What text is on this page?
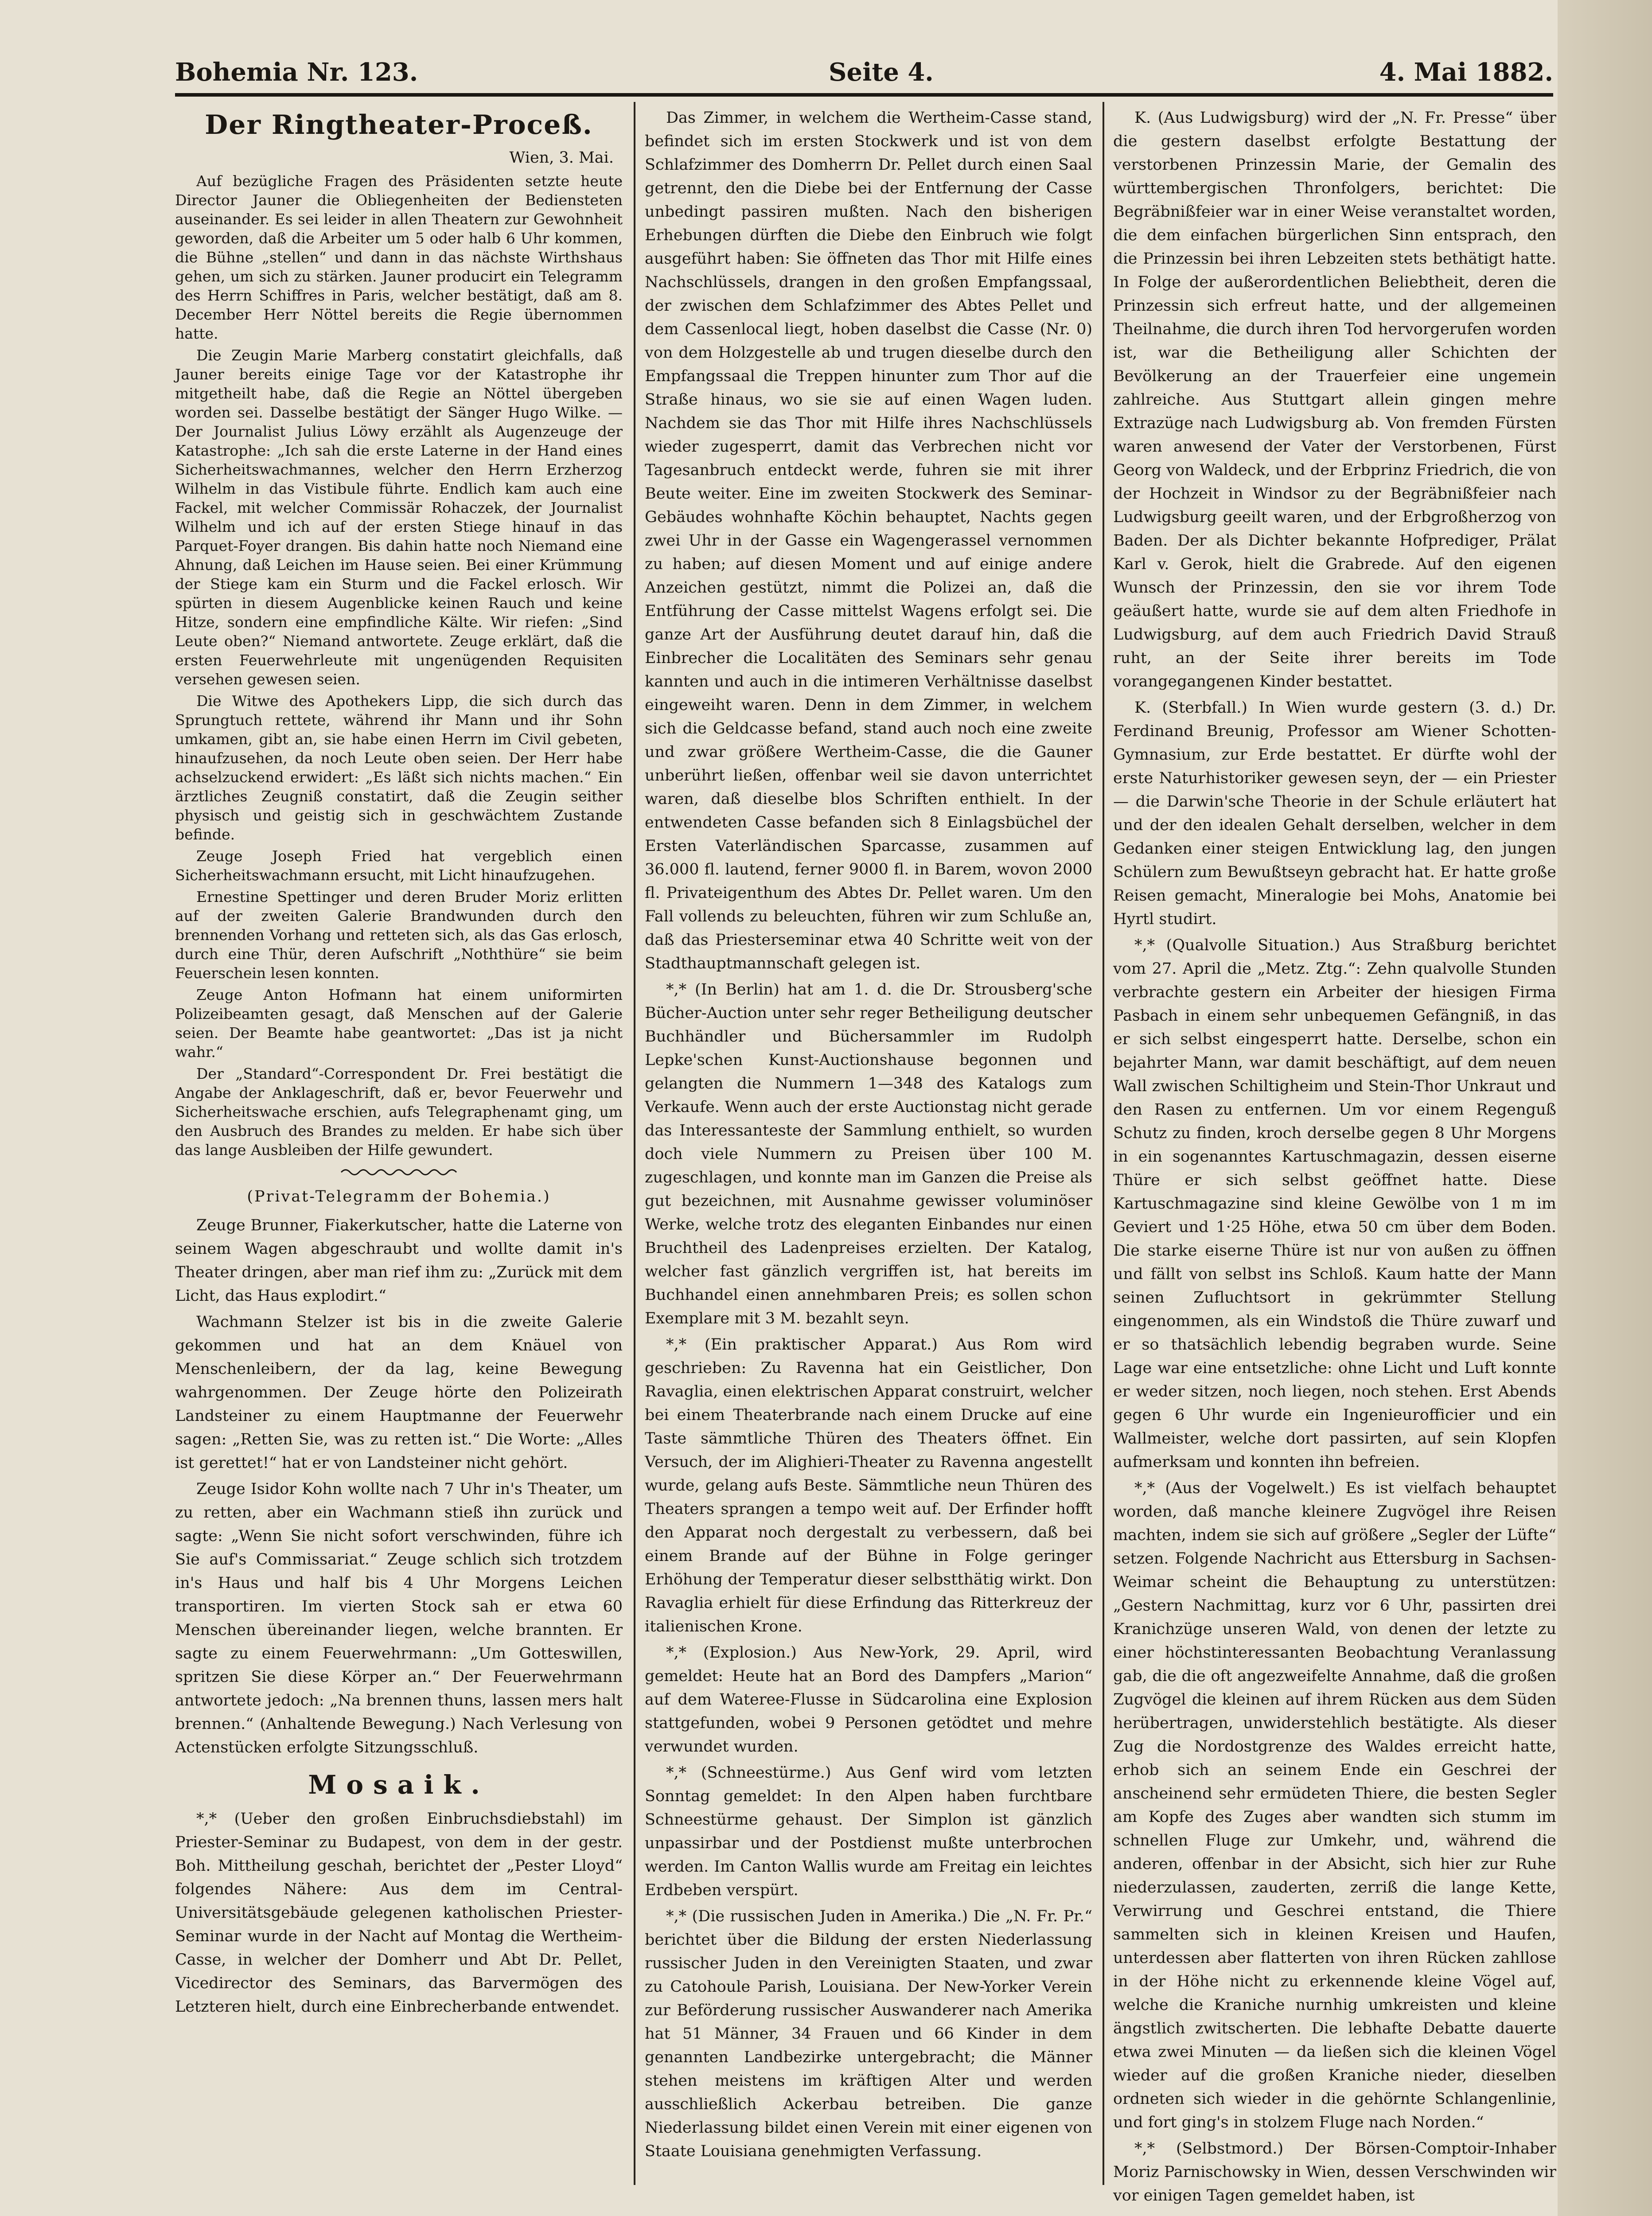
Bohemia Nr. 123.	Seite 4.	4. Mai 1882.
Der Ringtheater-Proceß.
Wien, 3. Mai.

Auf bezügliche Fragen des Präsidenten setzte heute Director Jauner die Obliegenheiten der Bediensteten auseinander. Es sei leider in allen Theatern zur Gewohnheit geworden, daß die Arbeiter um 5 oder halb 6 Uhr kommen, die Bühne „stellen“ und dann in das nächste Wirthshaus gehen, um sich zu stärken. Jauner producirt ein Telegramm des Herrn Schiffres in Paris, welcher bestätigt, daß am 8. December Herr Nöttel bereits die Regie übernommen hatte.

Die Zeugin Marie Marberg constatirt gleichfalls, daß Jauner bereits einige Tage vor der Katastrophe ihr mitgetheilt habe, daß die Regie an Nöttel übergeben worden sei. Dasselbe bestätigt der Sänger Hugo Wilke. — Der Journalist Julius Löwy erzählt als Augenzeuge der Katastrophe: „Ich sah die erste Laterne in der Hand eines Sicherheitswachmannes, welcher den Herrn Erzherzog Wilhelm in das Vistibule führte. Endlich kam auch eine Fackel, mit welcher Commissär Rohaczek, der Journalist Wilhelm und ich auf der ersten Stiege hinauf in das Parquet-Foyer drangen. Bis dahin hatte noch Niemand eine Ahnung, daß Leichen im Hause seien. Bei einer Krümmung der Stiege kam ein Sturm und die Fackel erlosch. Wir spürten in diesem Augenblicke keinen Rauch und keine Hitze, sondern eine empfindliche Kälte. Wir riefen: „Sind Leute oben?“ Niemand antwortete. Zeuge erklärt, daß die ersten Feuerwehrleute mit ungenügenden Requisiten versehen gewesen seien.

Die Witwe des Apothekers Lipp, die sich durch das Sprungtuch rettete, während ihr Mann und ihr Sohn umkamen, gibt an, sie habe einen Herrn im Civil gebeten, hinaufzusehen, da noch Leute oben seien. Der Herr habe achselzuckend erwidert: „Es läßt sich nichts machen.“ Ein ärztliches Zeugniß constatirt, daß die Zeugin seither physisch und geistig sich in geschwächtem Zustande befinde.

Zeuge Joseph Fried hat vergeblich einen Sicherheitswachmann ersucht, mit Licht hinaufzugehen.

Ernestine Spettinger und deren Bruder Moriz erlitten auf der zweiten Galerie Brandwunden durch den brennenden Vorhang und retteten sich, als das Gas erlosch, durch eine Thür, deren Aufschrift „Noththüre“ sie beim Feuerschein lesen konnten.

Zeuge Anton Hofmann hat einem uniformirten Polizeibeamten gesagt, daß Menschen auf der Galerie seien. Der Beamte habe geantwortet: „Das ist ja nicht wahr.“

Der „Standard“-Correspondent Dr. Frei bestätigt die Angabe der Anklageschrift, daß er, bevor Feuerwehr und Sicherheitswache erschien, aufs Telegraphenamt ging, um den Ausbruch des Brandes zu melden. Er habe sich über das lange Ausbleiben der Hilfe gewundert.

(Privat-Telegramm der Bohemia.)

Zeuge Brunner, Fiakerkutscher, hatte die Laterne von seinem Wagen abgeschraubt und wollte damit in's Theater dringen, aber man rief ihm zu: „Zurück mit dem Licht, das Haus explodirt.“

Wachmann Stelzer ist bis in die zweite Galerie gekommen und hat an dem Knäuel von Menschenleibern, der da lag, keine Bewegung wahrgenommen. Der Zeuge hörte den Polizeirath Landsteiner zu einem Hauptmanne der Feuerwehr sagen: „Retten Sie, was zu retten ist.“ Die Worte: „Alles ist gerettet!“ hat er von Landsteiner nicht gehört.

Zeuge Isidor Kohn wollte nach 7 Uhr in's Theater, um zu retten, aber ein Wachmann stieß ihn zurück und sagte: „Wenn Sie nicht sofort verschwinden, führe ich Sie auf's Commissariat.“ Zeuge schlich sich trotzdem in's Haus und half bis 4 Uhr Morgens Leichen transportiren. Im vierten Stock sah er etwa 60 Menschen übereinander liegen, welche brannten. Er sagte zu einem Feuerwehrmann: „Um Gotteswillen, spritzen Sie diese Körper an.“ Der Feuerwehrmann antwortete jedoch: „Na brennen thuns, lassen mers halt brennen.“ (Anhaltende Bewegung.) Nach Verlesung von Actenstücken erfolgte Sitzungsschluß.

Mosaik.

*,* (Ueber den großen Einbruchsdiebstahl) im Priester-Seminar zu Budapest, von dem in der gestr. Boh. Mittheilung geschah, berichtet der „Pester Lloyd“ folgendes Nähere: Aus dem im Central-Universitätsgebäude gelegenen katholischen Priester-Seminar wurde in der Nacht auf Montag die Wertheim-Casse, in welcher der Domherr und Abt Dr. Pellet, Vicedirector des Seminars, das Barvermögen des Letzteren hielt, durch eine Einbrecherbande entwendet.

Das Zimmer, in welchem die Wertheim-Casse stand, befindet sich im ersten Stockwerk und ist von dem Schlafzimmer des Domherrn Dr. Pellet durch einen Saal getrennt, den die Diebe bei der Entfernung der Casse unbedingt passiren mußten. Nach den bisherigen Erhebungen dürften die Diebe den Einbruch wie folgt ausgeführt haben: Sie öffneten das Thor mit Hilfe eines Nachschlüssels, drangen in den großen Empfangssaal, der zwischen dem Schlafzimmer des Abtes Pellet und dem Cassenlocal liegt, hoben daselbst die Casse (Nr. 0) von dem Holzgestelle ab und trugen dieselbe durch den Empfangssaal die Treppen hinunter zum Thor auf die Straße hinaus, wo sie sie auf einen Wagen luden. Nachdem sie das Thor mit Hilfe ihres Nachschlüssels wieder zugesperrt, damit das Verbrechen nicht vor Tagesanbruch entdeckt werde, fuhren sie mit ihrer Beute weiter. Eine im zweiten Stockwerk des Seminar-Gebäudes wohnhafte Köchin behauptet, Nachts gegen zwei Uhr in der Gasse ein Wagengerassel vernommen zu haben; auf diesen Moment und auf einige andere Anzeichen gestützt, nimmt die Polizei an, daß die Entführung der Casse mittelst Wagens erfolgt sei. Die ganze Art der Ausführung deutet darauf hin, daß die Einbrecher die Localitäten des Seminars sehr genau kannten und auch in die intimeren Verhältnisse daselbst eingeweiht waren. Denn in dem Zimmer, in welchem sich die Geldcasse befand, stand auch noch eine zweite und zwar größere Wertheim-Casse, die die Gauner unberührt ließen, offenbar weil sie davon unterrichtet waren, daß dieselbe blos Schriften enthielt. In der entwendeten Casse befanden sich 8 Einlagsbüchel der Ersten Vaterländischen Sparcasse, zusammen auf 36.000 fl. lautend, ferner 9000 fl. in Barem, wovon 2000 fl. Privateigenthum des Abtes Dr. Pellet waren. Um den Fall vollends zu beleuchten, führen wir zum Schluße an, daß das Priesterseminar etwa 40 Schritte weit von der Stadthauptmannschaft gelegen ist.

*,* (In Berlin) hat am 1. d. die Dr. Strousberg'sche Bücher-Auction unter sehr reger Betheiligung deutscher Buchhändler und Büchersammler im Rudolph Lepke'schen Kunst-Auctionshause begonnen und gelangten die Nummern 1—348 des Katalogs zum Verkaufe. Wenn auch der erste Auctionstag nicht gerade das Interessanteste der Sammlung enthielt, so wurden doch viele Nummern zu Preisen über 100 M. zugeschlagen, und konnte man im Ganzen die Preise als gut bezeichnen, mit Ausnahme gewisser voluminöser Werke, welche trotz des eleganten Einbandes nur einen Bruchtheil des Ladenpreises erzielten. Der Katalog, welcher fast gänzlich vergriffen ist, hat bereits im Buchhandel einen annehmbaren Preis; es sollen schon Exemplare mit 3 M. bezahlt seyn.

*,* (Ein praktischer Apparat.) Aus Rom wird geschrieben: Zu Ravenna hat ein Geistlicher, Don Ravaglia, einen elektrischen Apparat construirt, welcher bei einem Theaterbrande nach einem Drucke auf eine Taste sämmtliche Thüren des Theaters öffnet. Ein Versuch, der im Alighieri-Theater zu Ravenna angestellt wurde, gelang aufs Beste. Sämmtliche neun Thüren des Theaters sprangen a tempo weit auf. Der Erfinder hofft den Apparat noch dergestalt zu verbessern, daß bei einem Brande auf der Bühne in Folge geringer Erhöhung der Temperatur dieser selbstthätig wirkt. Don Ravaglia erhielt für diese Erfindung das Ritterkreuz der italienischen Krone.

*,* (Explosion.) Aus New-York, 29. April, wird gemeldet: Heute hat an Bord des Dampfers „Marion“ auf dem Wateree-Flusse in Südcarolina eine Explosion stattgefunden, wobei 9 Personen getödtet und mehre verwundet wurden.

*,* (Schneestürme.) Aus Genf wird vom letzten Sonntag gemeldet: In den Alpen haben furchtbare Schneestürme gehaust. Der Simplon ist gänzlich unpassirbar und der Postdienst mußte unterbrochen werden. Im Canton Wallis wurde am Freitag ein leichtes Erdbeben verspürt.

*,* (Die russischen Juden in Amerika.) Die „N. Fr. Pr.“ berichtet über die Bildung der ersten Niederlassung russischer Juden in den Vereinigten Staaten, und zwar zu Catohoule Parish, Louisiana. Der New-Yorker Verein zur Beförderung russischer Auswanderer nach Amerika hat 51 Männer, 34 Frauen und 66 Kinder in dem genannten Landbezirke untergebracht; die Männer stehen meistens im kräftigen Alter und werden ausschließlich Ackerbau betreiben. Die ganze Niederlassung bildet einen Verein mit einer eigenen von Staate Louisiana genehmigten Verfassung.

K. (Aus Ludwigsburg) wird der „N. Fr. Presse“ über die gestern daselbst erfolgte Bestattung der verstorbenen Prinzessin Marie, der Gemalin des württembergischen Thronfolgers, berichtet: Die Begräbnißfeier war in einer Weise veranstaltet worden, die dem einfachen bürgerlichen Sinn entsprach, den die Prinzessin bei ihren Lebzeiten stets bethätigt hatte. In Folge der außerordentlichen Beliebtheit, deren die Prinzessin sich erfreut hatte, und der allgemeinen Theilnahme, die durch ihren Tod hervorgerufen worden ist, war die Betheiligung aller Schichten der Bevölkerung an der Trauerfeier eine ungemein zahlreiche. Aus Stuttgart allein gingen mehre Extrazüge nach Ludwigsburg ab. Von fremden Fürsten waren anwesend der Vater der Verstorbenen, Fürst Georg von Waldeck, und der Erbprinz Friedrich, die von der Hochzeit in Windsor zu der Begräbnißfeier nach Ludwigsburg geeilt waren, und der Erbgroßherzog von Baden. Der als Dichter bekannte Hofprediger, Prälat Karl v. Gerok, hielt die Grabrede. Auf den eigenen Wunsch der Prinzessin, den sie vor ihrem Tode geäußert hatte, wurde sie auf dem alten Friedhofe in Ludwigsburg, auf dem auch Friedrich David Strauß ruht, an der Seite ihrer bereits im Tode vorangegangenen Kinder bestattet.

K. (Sterbfall.) In Wien wurde gestern (3. d.) Dr. Ferdinand Breunig, Professor am Wiener Schotten-Gymnasium, zur Erde bestattet. Er dürfte wohl der erste Naturhistoriker gewesen seyn, der — ein Priester — die Darwin'sche Theorie in der Schule erläutert hat und der den idealen Gehalt derselben, welcher in dem Gedanken einer steigen Entwicklung lag, den jungen Schülern zum Bewußtseyn gebracht hat. Er hatte große Reisen gemacht, Mineralogie bei Mohs, Anatomie bei Hyrtl studirt.

*,* (Qualvolle Situation.) Aus Straßburg berichtet vom 27. April die „Metz. Ztg.“: Zehn qualvolle Stunden verbrachte gestern ein Arbeiter der hiesigen Firma Pasbach in einem sehr unbequemen Gefängniß, in das er sich selbst eingesperrt hatte. Derselbe, schon ein bejahrter Mann, war damit beschäftigt, auf dem neuen Wall zwischen Schiltigheim und Stein-Thor Unkraut und den Rasen zu entfernen. Um vor einem Regenguß Schutz zu finden, kroch derselbe gegen 8 Uhr Morgens in ein sogenanntes Kartuschmagazin, dessen eiserne Thüre er sich selbst geöffnet hatte. Diese Kartuschmagazine sind kleine Gewölbe von 1 m im Geviert und 1·25 Höhe, etwa 50 cm über dem Boden. Die starke eiserne Thüre ist nur von außen zu öffnen und fällt von selbst ins Schloß. Kaum hatte der Mann seinen Zufluchtsort in gekrümmter Stellung eingenommen, als ein Windstoß die Thüre zuwarf und er so thatsächlich lebendig begraben wurde. Seine Lage war eine entsetzliche: ohne Licht und Luft konnte er weder sitzen, noch liegen, noch stehen. Erst Abends gegen 6 Uhr wurde ein Ingenieurofficier und ein Wallmeister, welche dort passirten, auf sein Klopfen aufmerksam und konnten ihn befreien.

*,* (Aus der Vogelwelt.) Es ist vielfach behauptet worden, daß manche kleinere Zugvögel ihre Reisen machten, indem sie sich auf größere „Segler der Lüfte“ setzen. Folgende Nachricht aus Ettersburg in Sachsen-Weimar scheint die Behauptung zu unterstützen: „Gestern Nachmittag, kurz vor 6 Uhr, passirten drei Kranichzüge unseren Wald, von denen der letzte zu einer höchstinteressanten Beobachtung Veranlassung gab, die die oft angezweifelte Annahme, daß die großen Zugvögel die kleinen auf ihrem Rücken aus dem Süden herübertragen, unwiderstehlich bestätigte. Als dieser Zug die Nordostgrenze des Waldes erreicht hatte, erhob sich an seinem Ende ein Geschrei der anscheinend sehr ermüdeten Thiere, die besten Segler am Kopfe des Zuges aber wandten sich stumm im schnellen Fluge zur Umkehr, und, während die anderen, offenbar in der Absicht, sich hier zur Ruhe niederzulassen, zauderten, zerriß die lange Kette, Verwirrung und Geschrei entstand, die Thiere sammelten sich in kleinen Kreisen und Haufen, unterdessen aber flatterten von ihren Rücken zahllose in der Höhe nicht zu erkennende kleine Vögel auf, welche die Kraniche nurnhig umkreisten und kleine ängstlich zwitscherten. Die lebhafte Debatte dauerte etwa zwei Minuten — da ließen sich die kleinen Vögel wieder auf die großen Kraniche nieder, dieselben ordneten sich wieder in die gehörnte Schlangenlinie, und fort ging's in stolzem Fluge nach Norden.“

*,* (Selbstmord.) Der Börsen-Comptoir-Inhaber Moriz Parnischowsky in Wien, dessen Verschwinden wir vor einigen Tagen gemeldet haben, ist
